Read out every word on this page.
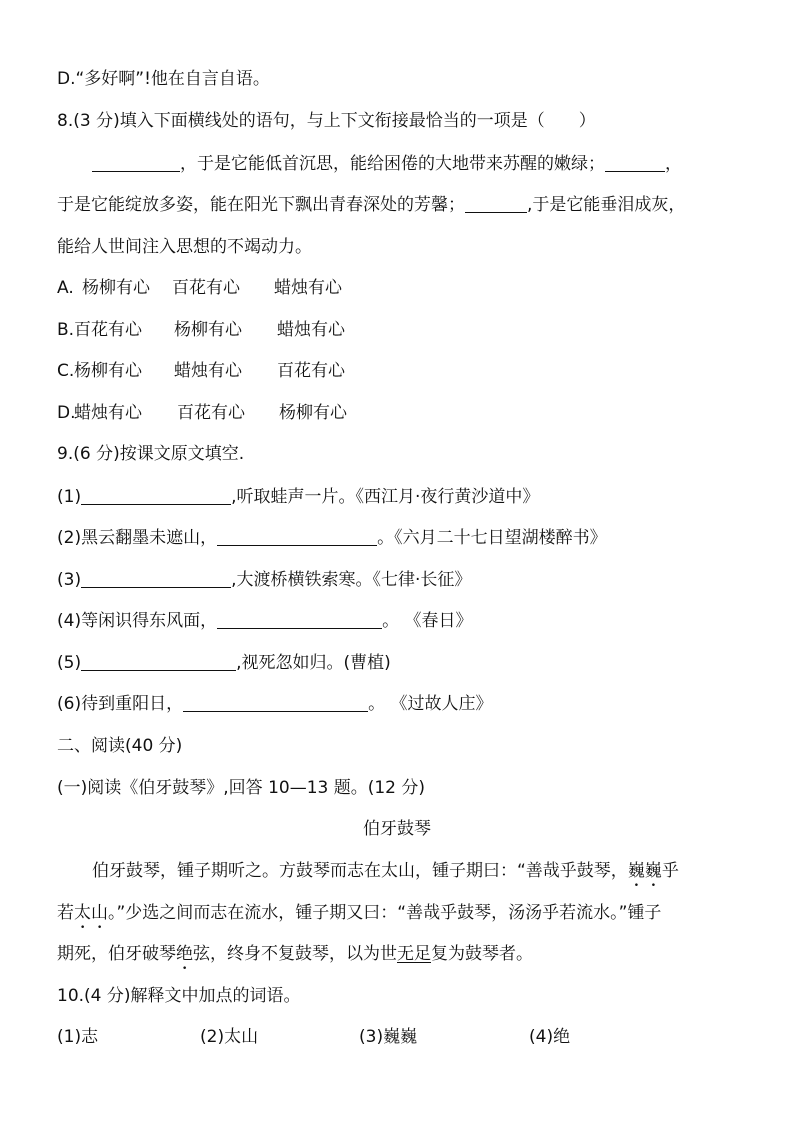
D.“多好啊”!他在自言自语。
8.(3 分)填入下面横线处的语句，与上下文衔接最恰当的一项是（　　）
，于是它能低首沉思，能给困倦的大地带来苏醒的嫩绿；	，
于是它能绽放多姿，能在阳光下飘出青春深处的芳馨；	,于是它能垂泪成灰，
能给人世间注入思想的不竭动力。
A. 杨柳有心 百花有心 蜡烛有心
B. 百花有心 杨柳有心 蜡烛有心
C. 杨柳有心 蜡烛有心 百花有心
D.
蜡烛有心 百花有心 杨柳有心
9.(6 分)按课文原文填空.
(1)	,听取蛙声一片。《西江月·夜行黄沙道中》
(2)黑云翻墨未遮山，	。《六月二十七日望湖楼醉书》
(3)	,大渡桥横铁索寒。《七律·长征》
(4)等闲识得东风面，	。 《春日》
(5)	,视死忽如归。(曹植)
(6)待到重阳日，	。 《过故人庄》
二、阅读(40 分)
(一)阅读《伯牙鼓琴》,回答 10—13 题。(12 分)
伯牙鼓琴
伯牙鼓琴，锺子期听之。方鼓琴而志在太山，锺子期曰：“善哉乎鼓琴，巍巍乎
若太山。”少选之间而志在流水，锺子期又曰：“善哉乎鼓琴，汤汤乎若流水。”锺子
期死，伯牙破琴绝弦，终身不复鼓琴，以为世无足复为鼓琴者。
10.(4 分)解释文中加点的词语。
(1)志	(2)太山	(3)巍巍	(4)绝
